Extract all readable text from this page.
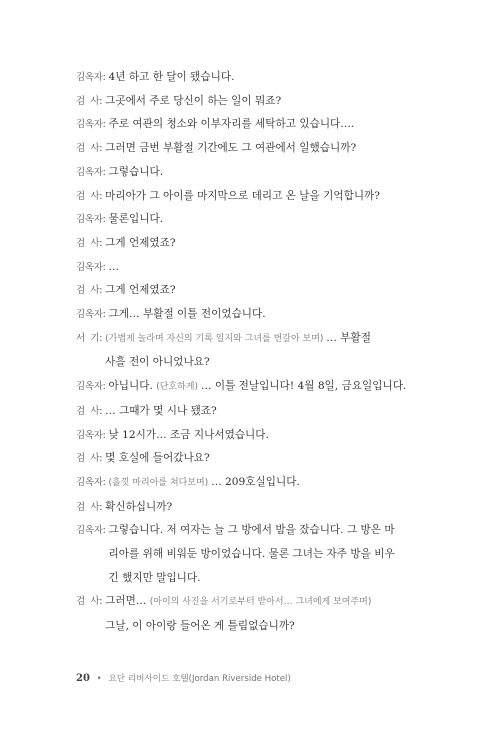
김옥자: 4년 하고 한 달이 됐습니다.
검  사: 그곳에서 주로 당신이 하는 일이 뭐죠?
김옥자: 주로 여관의 청소와 이부자리를 세탁하고 있습니다….
검  사: 그러면 금번 부활절 기간에도 그 여관에서 일했습니까?
김옥자: 그렇습니다.
검  사: 마리아가 그 아이를 마지막으로 데리고 온 날을 기억합니까?
김옥자: 물론입니다.
검  사: 그게 언제였죠?
김옥자: …
검  사: 그게 언제였죠?
김옥자: 그게… 부활절 이틀 전이었습니다.
서  기: (가볍게 놀라며 자신의 기록 일지와 그녀를 번갈아 보며) … 부활절
사흘 전이 아니었나요?
김옥자: 아닙니다. (단호하게) … 이틀 전날입니다! 4월 8일, 금요일입니다.
검  사: … 그때가 몇 시나 됐죠?
김옥자: 낮 12시가… 조금 지나서였습니다.
검  사: 몇 호실에 들어갔나요?
김옥자: (흘낏 마리아를 쳐다보며) … 209호실입니다.
검  사: 확신하십니까?
김옥자: 그렇습니다. 저 여자는 늘 그 방에서 밤을 잤습니다. 그 방은 마
리아를 위해 비워둔 방이었습니다. 물론 그녀는 자주 방을 비우
긴 했지만 말입니다.
검  사: 그러면… (아이의 사진을 서기로부터 받아서… 그녀에게 보여주며)
그날, 이 아이랑 들어온 게 틀림없습니까?
20 • 요단 리버사이드 호텔(Jordan Riverside Hotel)
